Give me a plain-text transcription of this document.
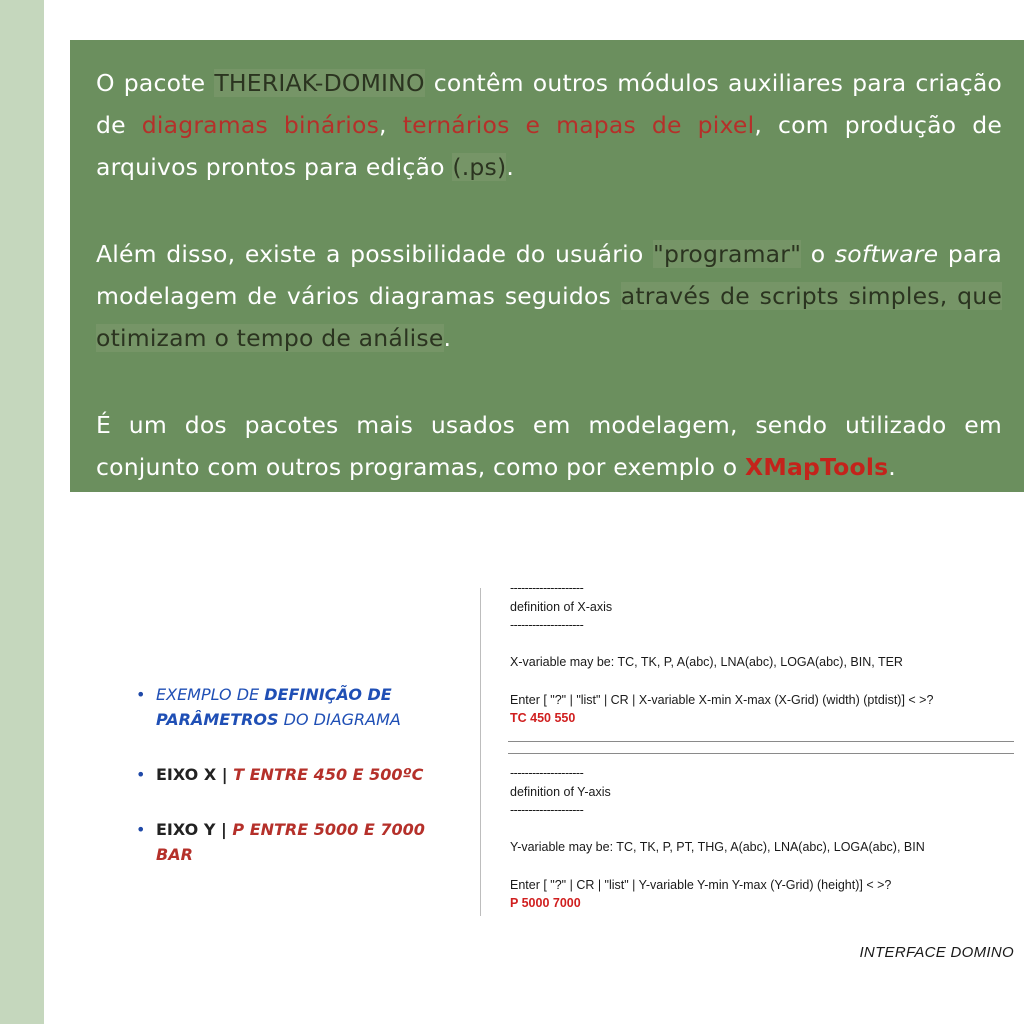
O pacote THERIAK-DOMINO contêm outros módulos auxiliares para criação de diagramas binários, ternários e mapas de pixel, com produção de arquivos prontos para edição (.ps).
Além disso, existe a possibilidade do usuário "programar" o software para modelagem de vários diagramas seguidos através de scripts simples, que otimizam o tempo de análise.
É um dos pacotes mais usados em modelagem, sendo utilizado em conjunto com outros programas, como por exemplo o XMapTools.
• EXEMPLO DE DEFINIÇÃO DE PARÂMETROS DO DIAGRAMA
• EIXO X | T ENTRE 450 E 500ºC
• EIXO Y | P ENTRE 5000 E 7000 BAR
--------------------
definition of X-axis
--------------------
X-variable may be: TC, TK, P, A(abc), LNA(abc), LOGA(abc), BIN, TER
Enter [ "?" | "list" | CR | X-variable X-min X-max (X-Grid) (width) (ptdist)] < >?
TC 450 550
--------------------
definition of Y-axis
--------------------
Y-variable may be: TC, TK, P, PT, THG, A(abc), LNA(abc), LOGA(abc), BIN
Enter [ "?" | CR | "list" | Y-variable Y-min Y-max (Y-Grid) (height)] < >?
P 5000 7000
INTERFACE DOMINO
